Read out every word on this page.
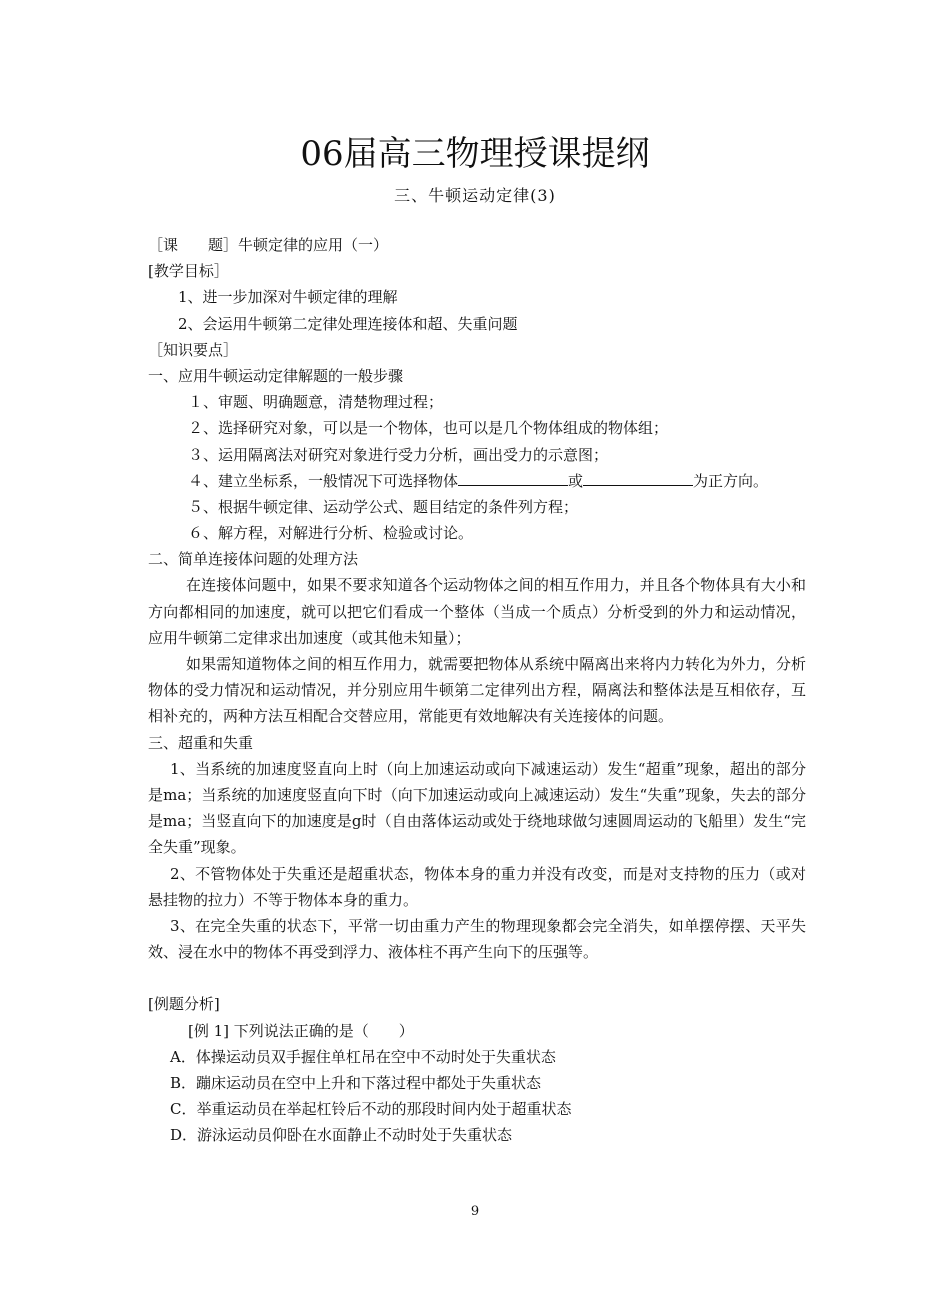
06届高三物理授课提纲
三、牛顿运动定律(3)
［课　　题］牛顿定律的应用（一）
[教学目标］
1、进一步加深对牛顿定律的理解
2、会运用牛顿第二定律处理连接体和超、失重问题
［知识要点］
一、应用牛顿运动定律解题的一般步骤
１、审题、明确题意，清楚物理过程；
２、选择研究对象，可以是一个物体，也可以是几个物体组成的物体组；
３、运用隔离法对研究对象进行受力分析，画出受力的示意图；
４、建立坐标系，一般情况下可选择物体	或	为正方向。
５、根据牛顿定律、运动学公式、题目结定的条件列方程；
６、解方程，对解进行分析、检验或讨论。
二、简单连接体问题的处理方法
在连接体问题中，如果不要求知道各个运动物体之间的相互作用力，并且各个物体具有大小和方向都相同的加速度，就可以把它们看成一个整体（当成一个质点）分析受到的外力和运动情况，应用牛顿第二定律求出加速度（或其他未知量）；
如果需知道物体之间的相互作用力，就需要把物体从系统中隔离出来将内力转化为外力，分析物体的受力情况和运动情况，并分别应用牛顿第二定律列出方程，隔离法和整体法是互相依存，互相补充的，两种方法互相配合交替应用，常能更有效地解决有关连接体的问题。
三、超重和失重
1、当系统的加速度竖直向上时（向上加速运动或向下减速运动）发生“超重”现象，超出的部分是ma；当系统的加速度竖直向下时（向下加速运动或向上减速运动）发生“失重”现象，失去的部分是ma；当竖直向下的加速度是g时（自由落体运动或处于绕地球做匀速圆周运动的飞船里）发生“完全失重”现象。
2、不管物体处于失重还是超重状态，物体本身的重力并没有改变，而是对支持物的压力（或对悬挂物的拉力）不等于物体本身的重力。
3、在完全失重的状态下，平常一切由重力产生的物理现象都会完全消失，如单摆停摆、天平失效、浸在水中的物体不再受到浮力、液体柱不再产生向下的压强等。
[例题分析]
[例 1] 下列说法正确的是（　　）
A．体操运动员双手握住单杠吊在空中不动时处于失重状态
B．蹦床运动员在空中上升和下落过程中都处于失重状态
C．举重运动员在举起杠铃后不动的那段时间内处于超重状态
D．游泳运动员仰卧在水面静止不动时处于失重状态
9
